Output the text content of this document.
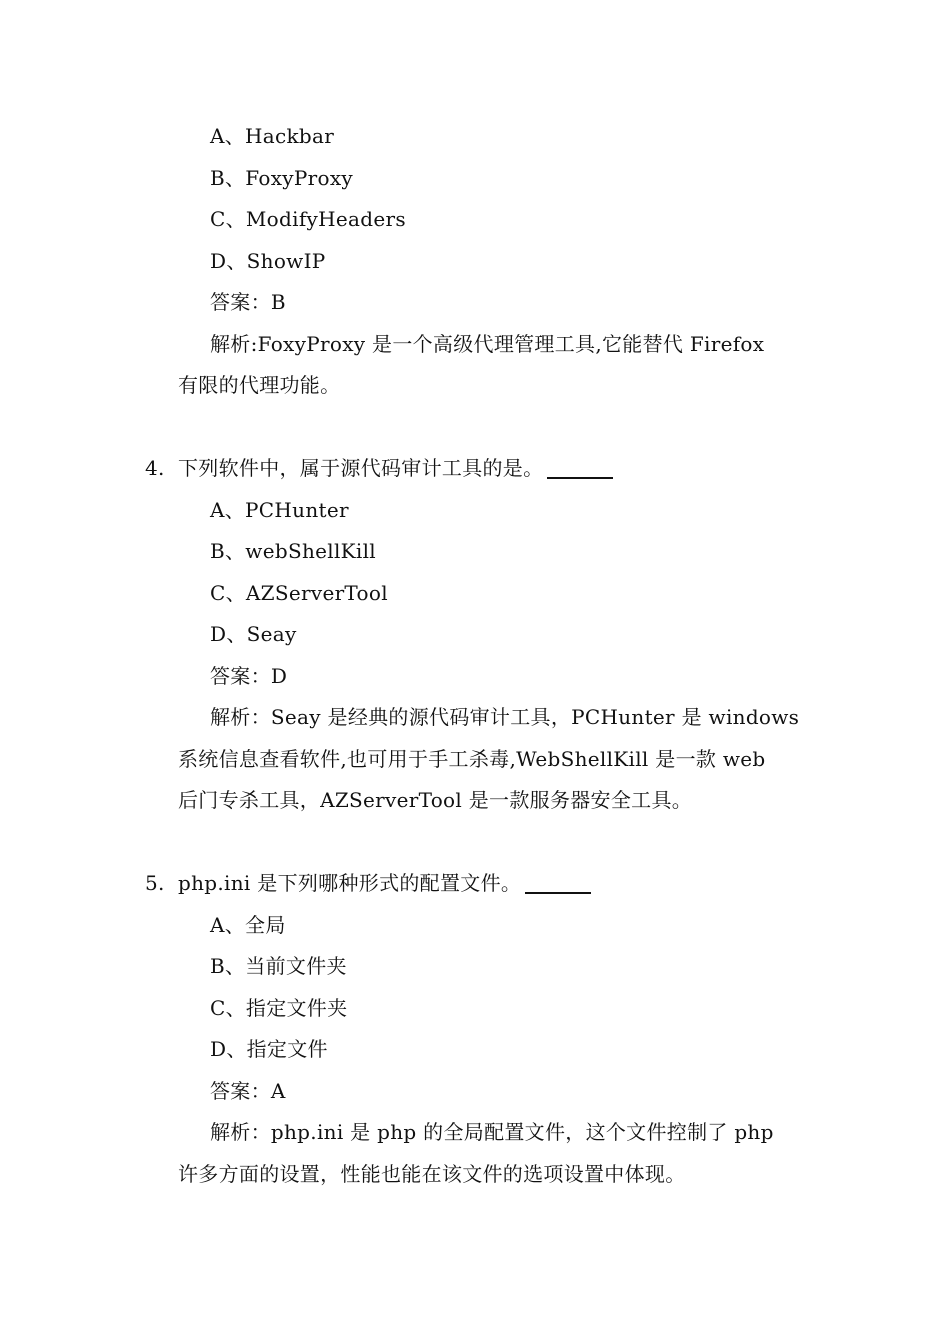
A、Hackbar
B、FoxyProxy
C、ModifyHeaders
D、ShowIP
答案：B
解析:FoxyProxy 是一个高级代理管理工具,它能替代 Firefox
有限的代理功能。
4. 下列软件中，属于源代码审计工具的是。
A、PCHunter
B、webShellKill
C、AZServerTool
D、Seay
答案：D
解析：Seay 是经典的源代码审计工具，PCHunter 是 windows
系统信息查看软件,也可用于手工杀毒,WebShellKill 是一款 web
后门专杀工具，AZServerTool 是一款服务器安全工具。
5. php.ini 是下列哪种形式的配置文件。
A、全局
B、当前文件夹
C、指定文件夹
D、指定文件
答案：A
解析：php.ini 是 php 的全局配置文件，这个文件控制了 php
许多方面的设置，性能也能在该文件的选项设置中体现。
